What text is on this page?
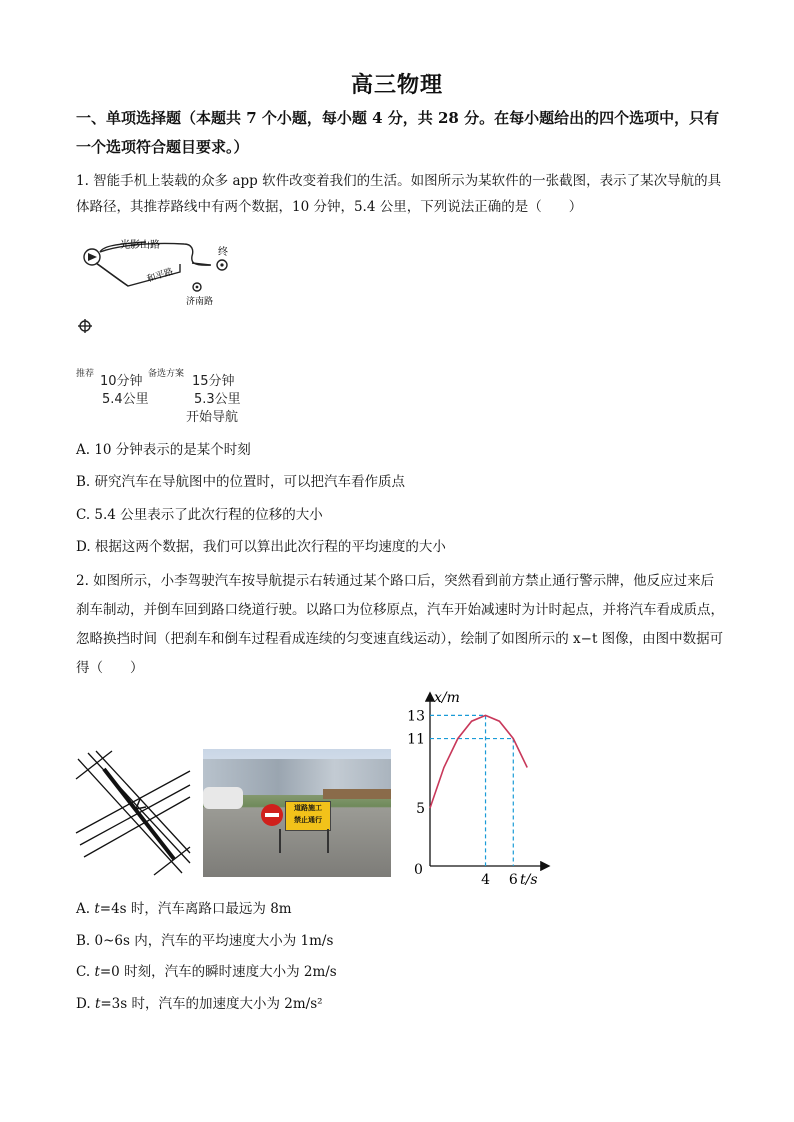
高三物理
一、单项选择题（本题共 7 个小题，每小题 4 分，共 28 分。在每小题给出的四个选项中，只有一个选项符合题目要求。）
1. 智能手机上装载的众多 app 软件改变着我们的生活。如图所示为某软件的一张截图，表示了某次导航的具体路径，其推荐路线中有两个数据，10 分钟，5.4 公里，下列说法正确的是（　　）
光影山路
和平路
济南路
终
推荐 10分钟
5.4公里
备选方案 15分钟
5.3公里
开始导航
A. 10 分钟表示的是某个时刻
B. 研究汽车在导航图中的位置时，可以把汽车看作质点
C. 5.4 公里表示了此次行程的位移的大小
D. 根据这两个数据，我们可以算出此次行程的平均速度的大小
2. 如图所示，小李驾驶汽车按导航提示右转通过某个路口后，突然看到前方禁止通行警示牌，他反应过来后刹车制动，并倒车回到路口绕道行驶。以路口为位移原点，汽车开始减速时为计时起点，并将汽车看成质点，忽略换挡时间（把刹车和倒车过程看成连续的匀变速直线运动），绘制了如图所示的 x−t 图像，由图中数据可得（　　）
道路施工
禁止通行
4 6
5
11
13
x/m
t/s
0
A. t=4s 时，汽车离路口最远为 8m
B. 0~6s 内，汽车的平均速度大小为 1m/s
C. t=0 时刻，汽车的瞬时速度大小为 2m/s
D. t=3s 时，汽车的加速度大小为 2m/s²
